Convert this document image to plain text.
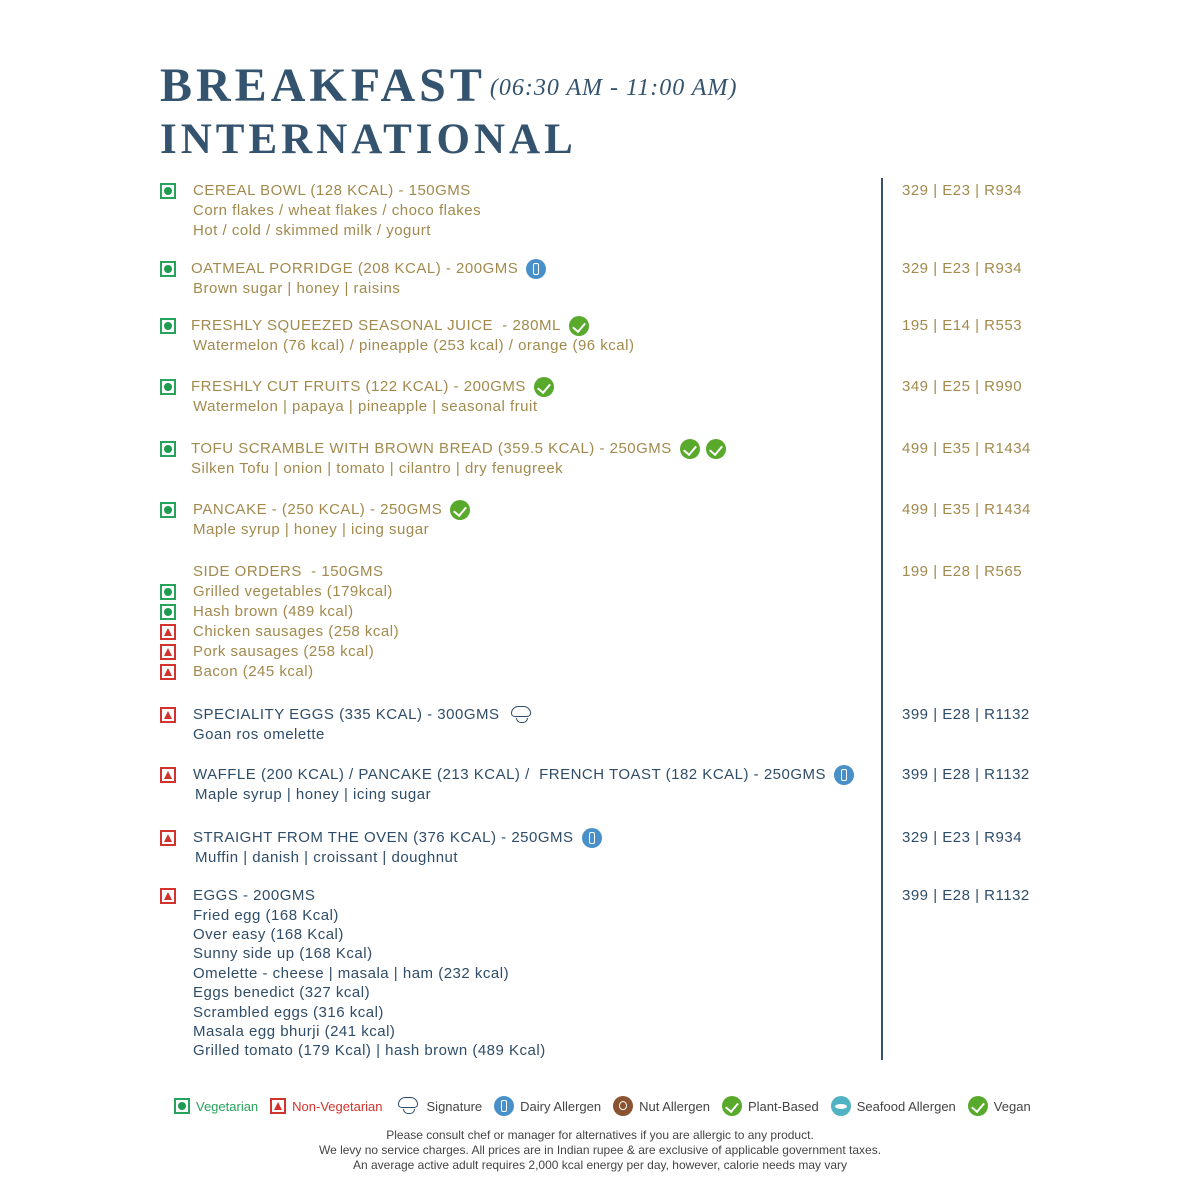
BREAKFAST (06:30 AM - 11:00 AM)
INTERNATIONAL
CEREAL BOWL (128 KCAL) - 150GMS	329 | E23 | R934
Corn flakes / wheat flakes / choco flakes
Hot / cold / skimmed milk / yogurt
OATMEAL PORRIDGE (208 KCAL) - 200GMS	329 | E23 | R934
Brown sugar | honey | raisins
FRESHLY SQUEEZED SEASONAL JUICE  - 280ML	195 | E14 | R553
Watermelon (76 kcal) / pineapple (253 kcal) / orange (96 kcal)
FRESHLY CUT FRUITS (122 KCAL) - 200GMS	349 | E25 | R990
Watermelon | papaya | pineapple | seasonal fruit
TOFU SCRAMBLE WITH BROWN BREAD (359.5 KCAL) - 250GMS	499 | E35 | R1434
Silken Tofu | onion | tomato | cilantro | dry fenugreek
PANCAKE - (250 KCAL) - 250GMS	499 | E35 | R1434
Maple syrup | honey | icing sugar
SIDE ORDERS  - 150GMS	199 | E28 | R565
Grilled vegetables (179kcal)
Hash brown (489 kcal)
Chicken sausages (258 kcal)
Pork sausages (258 kcal)
Bacon (245 kcal)
SPECIALITY EGGS (335 KCAL) - 300GMS	399 | E28 | R1132
Goan ros omelette
WAFFLE (200 KCAL) / PANCAKE (213 KCAL) /  FRENCH TOAST (182 KCAL) - 250GMS	399 | E28 | R1132
Maple syrup | honey | icing sugar
STRAIGHT FROM THE OVEN (376 KCAL) - 250GMS	329 | E23 | R934
Muffin | danish | croissant | doughnut
EGGS - 200GMS	399 | E28 | R1132
Fried egg (168 Kcal)
Over easy (168 Kcal)
Sunny side up (168 Kcal)
Omelette - cheese | masala | ham (232 kcal)
Eggs benedict (327 kcal)
Scrambled eggs (316 kcal)
Masala egg bhurji (241 kcal)
Grilled tomato (179 Kcal) | hash brown (489 Kcal)
Vegetarian	Non-Vegetarian	Signature	Dairy Allergen	Nut Allergen	Plant-Based	Seafood Allergen	Vegan
Please consult chef or manager for alternatives if you are allergic to any product.
We levy no service charges. All prices are in Indian rupee & are exclusive of applicable government taxes.
An average active adult requires 2,000 kcal energy per day, however, calorie needs may vary
